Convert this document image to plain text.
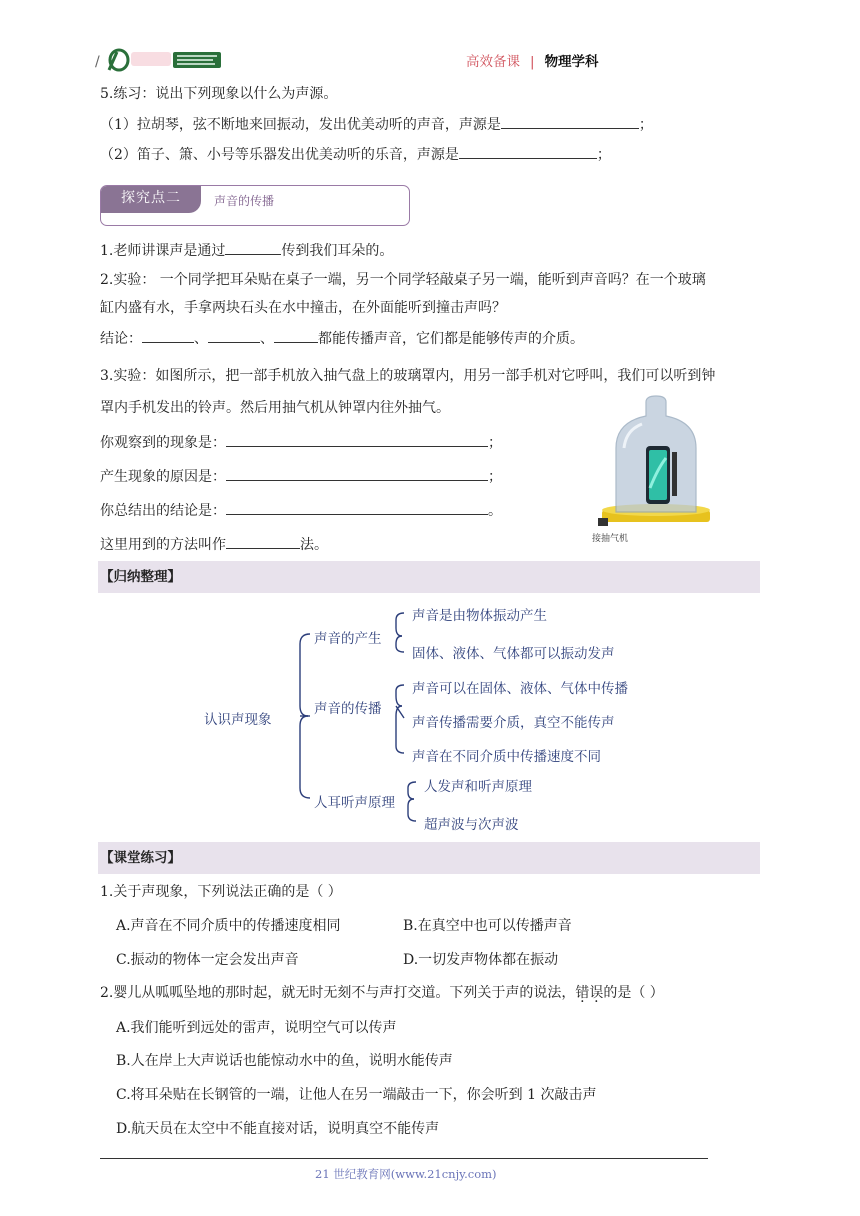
/	高效备课 | 物理学科
5.练习：说出下列现象以什么为声源。
（1）拉胡琴，弦不断地来回振动，发出优美动听的声音，声源是	；
（2）笛子、箫、小号等乐器发出优美动听的乐音，声源是	；
探究点二	声音的传播
1.老师讲课声是通过	传到我们耳朵的。
2.实验： 一个同学把耳朵贴在桌子一端，另一个同学轻敲桌子另一端，能听到声音吗？在一个玻璃
缸内盛有水，手拿两块石头在水中撞击，在外面能听到撞击声吗？
结论：	、	、	都能传播声音，它们都是能够传声的介质。
3.实验：如图所示，把一部手机放入抽气盘上的玻璃罩内，用另一部手机对它呼叫，我们可以听到钟
罩内手机发出的铃声。然后用抽气机从钟罩内往外抽气。
你观察到的现象是：	；
产生现象的原因是：	；
你总结出的结论是：	。
这里用到的方法叫作	法。	接抽气机
【归纳整理】
认识声现象
声音的产生
声音是由物体振动产生
固体、液体、气体都可以振动发声
声音的传播
声音可以在固体、液体、气体中传播
声音传播需要介质，真空不能传声
声音在不同介质中传播速度不同
人耳听声原理
人发声和听声原理
超声波与次声波
【课堂练习】
1.关于声现象，下列说法正确的是（ ）
A.声音在不同介质中的传播速度相同	B.在真空中也可以传播声音
C.振动的物体一定会发出声音	D.一切发声物体都在振动
2.婴儿从呱呱坠地的那时起，就无时无刻不与声打交道。下列关于声的说法，错误的是（ ）
A.我们能听到远处的雷声，说明空气可以传声
B.人在岸上大声说话也能惊动水中的鱼，说明水能传声
C.将耳朵贴在长钢管的一端，让他人在另一端敲击一下，你会听到 1 次敲击声
D.航天员在太空中不能直接对话，说明真空不能传声
21 世纪教育网(www.21cnjy.com)
